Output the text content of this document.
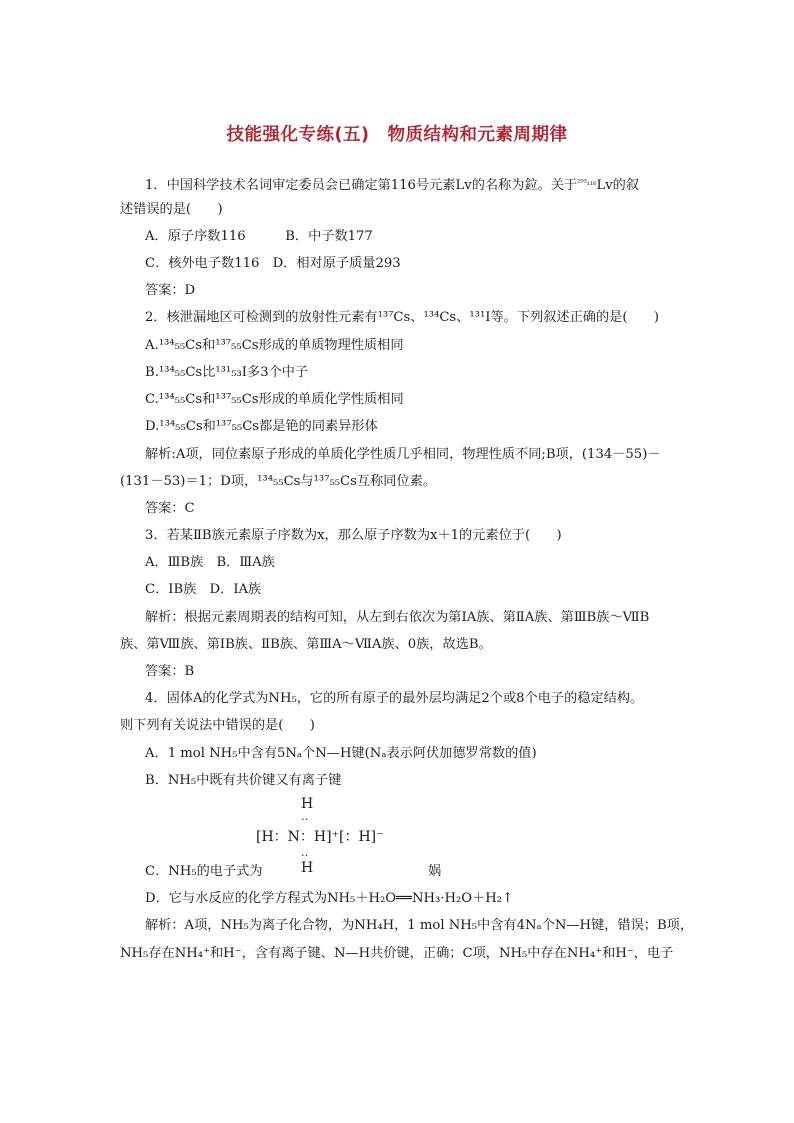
技能强化专练(五)　物质结构和元素周期律
1．中国科学技术名词审定委员会已确定第116号元素Lv的名称为鉝。关于$^{^{293}_{116}}$Lv的叙
述错误的是(　　)
A．原子序数116　　　B．中子数177
C．核外电子数116　D．相对原子质量293
答案：D
2．核泄漏地区可检测到的放射性元素有¹³⁷Cs、¹³⁴Cs、¹³¹I等。下列叙述正确的是(　　)
A.¹³⁴₅₅Cs和¹³⁷₅₅Cs形成的单质物理性质相同
B.¹³⁴₅₅Cs比¹³¹₅₃I多3个中子
C.¹³⁴₅₅Cs和¹³⁷₅₅Cs形成的单质化学性质相同
D.¹³⁴₅₅Cs和¹³⁷₅₅Cs都是铯的同素异形体
解析:A项，同位素原子形成的单质化学性质几乎相同，物理性质不同;B项，(134－55)－
(131－53)＝1；D项，¹³⁴₅₅Cs与¹³⁷₅₅Cs互称同位素。
答案：C
3．若某ⅡB族元素原子序数为x，那么原子序数为x＋1的元素位于(　　)
A．ⅢB族　B．ⅢA族
C．ⅠB族　D．ⅠA族
解析：根据元素周期表的结构可知，从左到右依次为第ⅠA族、第ⅡA族、第ⅢB族～ⅦB
族、第Ⅷ族、第ⅠB族、ⅡB族、第ⅢA～ⅦA族、0族，故选B。
答案：B
4．固体A的化学式为NH₅，它的所有原子的最外层均满足2个或8个电子的稳定结构。
则下列有关说法中错误的是(　　)
A．1 mol NH₅中含有5Nₐ个N—H键(Nₐ表示阿伏加德罗常数的值)
B．NH₅中既有共价键又有离子键
H
‥
[H：N：H]⁺[：H]⁻
‥
H
C．NH₅的电子式为	娲
D．它与水反应的化学方程式为NH₅＋H₂O══NH₃·H₂O＋H₂↑
解析：A项，NH₅为离子化合物，为NH₄H，1 mol NH₅中含有4Nₐ个N—H键，错误；B项，
NH₅存在NH₄⁺和H⁻，含有离子键、N—H共价键，正确；C项，NH₅中存在NH₄⁺和H⁻，电子
